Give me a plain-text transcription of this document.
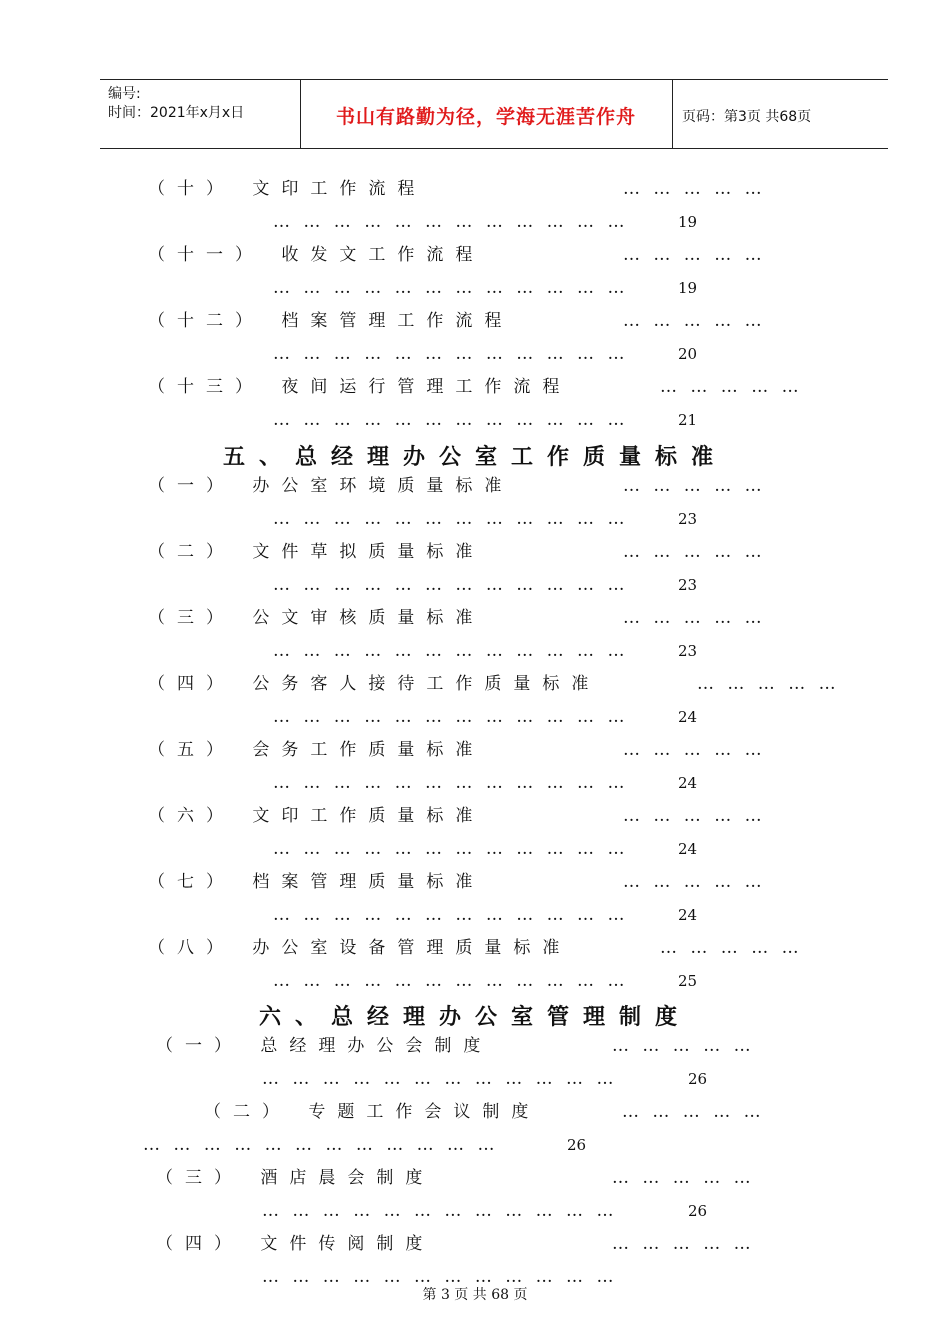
编号:
时间：2021年x月x日	书山有路勤为径，学海无涯苦作舟	页码：第3页 共68页
（十） 文印工作流程	… … … … …
… … … … … … … … … … … …	19
（十一） 收发文工作流程	… … … … …
… … … … … … … … … … … …	19
（十二） 档案管理工作流程	… … … … …
… … … … … … … … … … … …	20
（十三） 夜间运行管理工作流程	… … … … …
… … … … … … … … … … … …	21
五、总经理办公室工作质量标准
（一） 办公室环境质量标准	… … … … …
… … … … … … … … … … … …	23
（二） 文件草拟质量标准	… … … … …
… … … … … … … … … … … …	23
（三） 公文审核质量标准	… … … … …
… … … … … … … … … … … …	23
（四） 公务客人接待工作质量标准	… … … … …
… … … … … … … … … … … …	24
（五） 会务工作质量标准	… … … … …
… … … … … … … … … … … …	24
（六） 文印工作质量标准	… … … … …
… … … … … … … … … … … …	24
（七） 档案管理质量标准	… … … … …
… … … … … … … … … … … …	24
（八） 办公室设备管理质量标准	… … … … …
… … … … … … … … … … … …	25
六、总经理办公室管理制度
（一） 总经理办公会制度	… … … … …
… … … … … … … … … … … …	26
（二） 专题工作会议制度	… … … … …
… … … … … … … … … … … …	26
（三） 酒店晨会制度	… … … … …
… … … … … … … … … … … …	26
（四） 文件传阅制度	… … … … …
… … … … … … … … … … … …
第 3 页 共 68 页
